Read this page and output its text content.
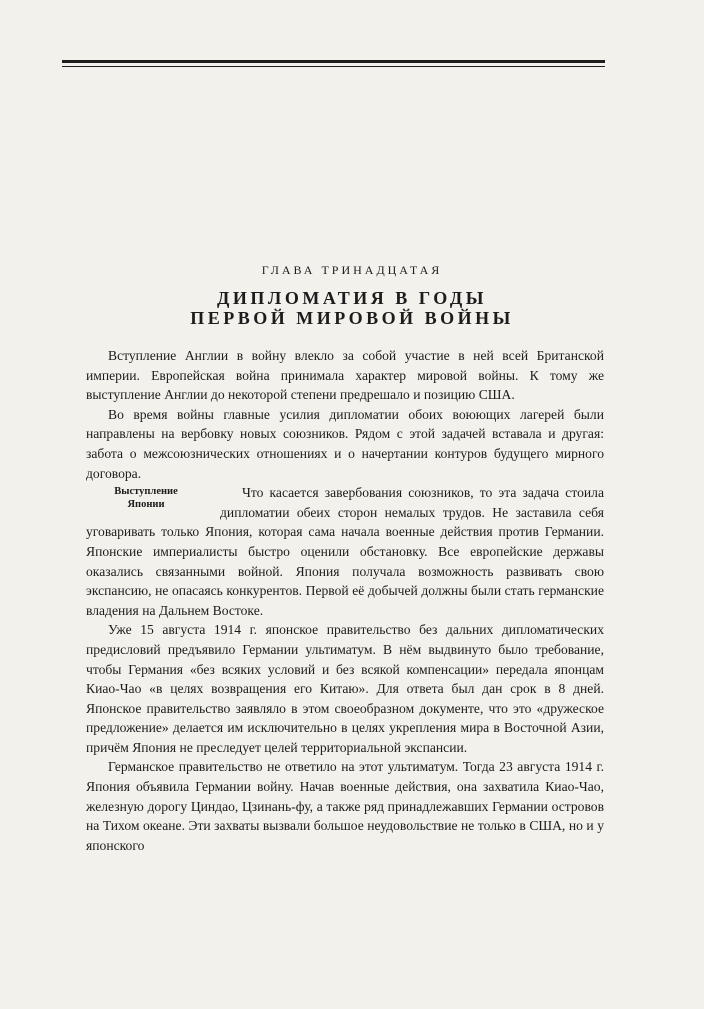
ГЛАВА ТРИНАДЦАТАЯ
ДИПЛОМАТИЯ В ГОДЫ
ПЕРВОЙ МИРОВОЙ ВОЙНЫ

Вступление Англии в войну влекло за собой участие в ней всей Британской империи. Европейская война принимала характер мировой войны. К тому же выступление Англии до некоторой степени предрешало и позицию США.

Во время войны главные усилия дипломатии обоих воюющих лагерей были направлены на вербовку новых союзников. Рядом с этой задачей вставала и другая: забота о межсоюзнических отношениях и о начертании контуров будущего мирного договора.

Выступление
Японии

Что касается завербования союзников, то эта задача стоила дипломатии обеих сторон немалых трудов. Не заставила себя уговаривать только Япония, которая сама начала военные действия против Германии. Японские империалисты быстро оценили обстановку. Все европейские державы оказались связанными войной. Япония получала возможность развивать свою экспансию, не опасаясь конкурентов. Первой её добычей должны были стать германские владения на Дальнем Востоке.

Уже 15 августа 1914 г. японское правительство без дальних дипломатических предисловий предъявило Германии ультиматум. В нём выдвинуто было требование, чтобы Германия «без всяких условий и без всякой компенсации» передала японцам Киао-Чао «в целях возвращения его Китаю». Для ответа был дан срок в 8 дней. Японское правительство заявляло в этом своеобразном документе, что это «дружеское предложение» делается им исключительно в целях укрепления мира в Восточной Азии, причём Япония не преследует целей территориальной экспансии.

Германское правительство не ответило на этот ультиматум. Тогда 23 августа 1914 г. Япония объявила Германии войну. Начав военные действия, она захватила Киао-Чао, железную дорогу Циндао, Цзинань-фу, а также ряд принадлежавших Германии островов на Тихом океане. Эти захваты вызвали большое неудовольствие не только в США, но и у японского
